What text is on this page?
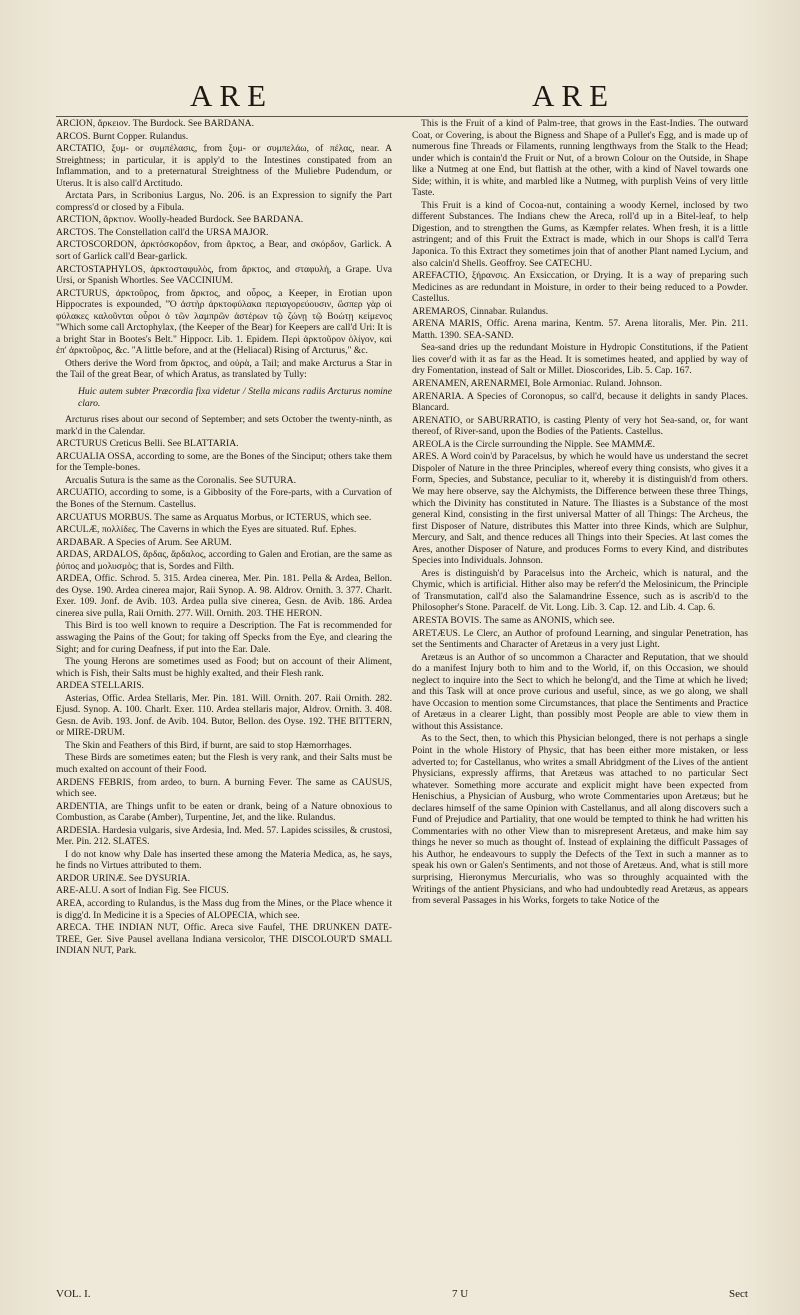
ARE	ARE

ARCION, ἄρκειον. The Burdock. See BARDANA.

ARCOS. Burnt Copper. Rulandus.

ARCTATIO, ξυμ- or συμπέλασις, from ξυμ- or συμπελάω, of πέλας, near. A Streightness; in particular, it is apply'd to the Intestines constipated from an Inflammation, and to a preternatural Streightness of the Muliebre Pudendum, or Uterus. It is also call'd Arctitudo.

Arctata Pars, in Scribonius Largus, No. 206. is an Expression to signify the Part compress'd or closed by a Fibula.

ARCTION, ἄρκτιον. Woolly-headed Burdock. See BARDANA.

ARCTOS. The Constellation call'd the URSA MAJOR.

ARCTOSCORDON, ἀρκτόσκορδον, from ἄρκτος, a Bear, and σκόρδον, Garlick. A sort of Garlick call'd Bear-garlick.

ARCTOSTAPHYLOS, ἀρκτοσταφυλὸς, from ἄρκτος, and σταφυλὴ, a Grape. Uva Ursi, or Spanish Whortles. See VACCINIUM.

ARCTURUS, ἀρκτοῦρος, from ἄρκτος, and οὖρος, a Keeper, in Erotian upon Hippocrates is expounded, "Ὁ ἀστὴρ ἀρκτοφύλακα περιαγορεύουσιν, ὥσπερ γὰρ οἱ φύλακες καλοῦνται οὗροι ὁ τῶν λαμπρῶν ἀστέρων τῷ ζώνῃ τῷ Βοώτῃ κείμενος "Which some call Arctophylax, (the Keeper of the Bear) for Keepers are call'd Uri: It is a bright Star in Bootes's Belt." Hippocr. Lib. 1. Epidem. Περὶ ἀρκτοῦρον ὀλίγον, καὶ ἐπ' ἀρκτοῦρος, &c. "A little before, and at the (Heliacal) Rising of Arcturus," &c.

Others derive the Word from ἄρκτος, and οὐρὰ, a Tail; and make Arcturus a Star in the Tail of the great Bear, of which Aratus, as translated by Tully:

Huic autem subter Præcordia fixa videtur / Stella micans radiis Arcturus nomine claro.

Arcturus rises about our second of September; and sets October the twenty-ninth, as mark'd in the Calendar.

ARCTURUS Creticus Belli. See BLATTARIA.

ARCUALIA OSSA, according to some, are the Bones of the Sinciput; others take them for the Temple-bones.

Arcualis Sutura is the same as the Coronalis. See SUTURA.

ARCUATIO, according to some, is a Gibbosity of the Fore-parts, with a Curvation of the Bones of the Sternum. Castellus.

ARCUATUS MORBUS. The same as Arquatus Morbus, or ICTERUS, which see.

ARCULÆ, πολλίδες. The Caverns in which the Eyes are situated. Ruf. Ephes.

ARDABAR. A Species of Arum. See ARUM.

ARDAS, ARDALOS, ἄρδας, ἄρδαλος, according to Galen and Erotian, are the same as ῥύπος and μολυσμὸς; that is, Sordes and Filth.

ARDEA, Offic. Schrod. 5. 315. Ardea cinerea, Mer. Pin. 181. Pella & Ardea, Bellon. des Oyse. 190. Ardea cinerea major, Raii Synop. A. 98. Aldrov. Ornith. 3. 377. Charlt. Exer. 109. Jonf. de Avib. 103. Ardea pulla sive cinerea, Gesn. de Avib. 186. Ardea cinerea sive pulla, Raii Ornith. 277. Will. Ornith. 203. THE HERON.

This Bird is too well known to require a Description. The Fat is recommended for asswaging the Pains of the Gout; for taking off Specks from the Eye, and clearing the Sight; and for curing Deafness, if put into the Ear. Dale.

The young Herons are sometimes used as Food; but on account of their Aliment, which is Fish, their Salts must be highly exalted, and their Flesh rank.

ARDEA STELLARIS.

Asterias, Offic. Ardea Stellaris, Mer. Pin. 181. Will. Ornith. 207. Raii Ornith. 282. Ejusd. Synop. A. 100. Charlt. Exer. 110. Ardea stellaris major, Aldrov. Ornith. 3. 408. Gesn. de Avib. 193. Jonf. de Avib. 104. Butor, Bellon. des Oyse. 192. THE BITTERN, or MIRE-DRUM.

The Skin and Feathers of this Bird, if burnt, are said to stop Hæmorrhages.

These Birds are sometimes eaten; but the Flesh is very rank, and their Salts must be much exalted on account of their Food.

ARDENS FEBRIS, from ardeo, to burn. A burning Fever. The same as CAUSUS, which see.

ARDENTIA, are Things unfit to be eaten or drank, being of a Nature obnoxious to Combustion, as Carabe (Amber), Turpentine, Jet, and the like. Rulandus.

ARDESIA. Hardesia vulgaris, sive Ardesia, Ind. Med. 57. Lapides scissiles, & crustosi, Mer. Pin. 212. SLATES.

I do not know why Dale has inserted these among the Materia Medica, as, he says, he finds no Virtues attributed to them.

ARDOR URINÆ. See DYSURIA.

ARE-ALU. A sort of Indian Fig. See FICUS.

AREA, according to Rulandus, is the Mass dug from the Mines, or the Place whence it is digg'd. In Medicine it is a Species of ALOPECIA, which see.

ARECA. THE INDIAN NUT, Offic. Areca sive Faufel, THE DRUNKEN DATE-TREE, Ger. Sive Pausel avellana Indiana versicolor, THE DISCOLOUR'D SMALL INDIAN NUT, Park.

This is the Fruit of a kind of Palm-tree, that grows in the East-Indies. The outward Coat, or Covering, is about the Bigness and Shape of a Pullet's Egg, and is made up of numerous fine Threads or Filaments, running lengthways from the Stalk to the Head; under which is contain'd the Fruit or Nut, of a brown Colour on the Outside, in Shape like a Nutmeg at one End, but flattish at the other, with a kind of Navel towards one Side; within, it is white, and marbled like a Nutmeg, with purplish Veins of very little Taste.

This Fruit is a kind of Cocoa-nut, containing a woody Kernel, inclosed by two different Substances. The Indians chew the Areca, roll'd up in a Bitel-leaf, to help Digestion, and to strengthen the Gums, as Kæmpfer relates. When fresh, it is a little astringent; and of this Fruit the Extract is made, which in our Shops is call'd Terra Japonica. To this Extract they sometimes join that of another Plant named Lycium, and also calcin'd Shells. Geoffroy. See CATECHU.

AREFACTIO, ξήρανσις. An Exsiccation, or Drying. It is a way of preparing such Medicines as are redundant in Moisture, in order to their being reduced to a Powder. Castellus.

AREMAROS, Cinnabar. Rulandus.

ARENA MARIS, Offic. Arena marina, Kentm. 57. Arena litoralis, Mer. Pin. 211. Matth. 1390. SEA-SAND.

Sea-sand dries up the redundant Moisture in Hydropic Constitutions, if the Patient lies cover'd with it as far as the Head. It is sometimes heated, and applied by way of dry Fomentation, instead of Salt or Millet. Dioscorides, Lib. 5. Cap. 167.

ARENAMEN, ARENARMEI, Bole Armoniac. Ruland. Johnson.

ARENARIA. A Species of Coronopus, so call'd, because it delights in sandy Places. Blancard.

ARENATIO, or SABURRATIO, is casting Plenty of very hot Sea-sand, or, for want thereof, of River-sand, upon the Bodies of the Patients. Castellus.

AREOLA is the Circle surrounding the Nipple. See MAMMÆ.

ARES. A Word coin'd by Paracelsus, by which he would have us understand the secret Dispoler of Nature in the three Principles, whereof every thing consists, who gives it a Form, Species, and Substance, peculiar to it, whereby it is distinguish'd from others. We may here observe, say the Alchymists, the Difference between these three Things, which the Divinity has constituted in Nature. The Iliastes is a Substance of the most general Kind, consisting in the first universal Matter of all Things: The Archeus, the first Disposer of Nature, distributes this Matter into three Kinds, which are Sulphur, Mercury, and Salt, and thence reduces all Things into their Species. At last comes the Ares, another Disposer of Nature, and produces Forms to every Kind, and distributes Species into Individuals. Johnson.

Ares is distinguish'd by Paracelsus into the Archeic, which is natural, and the Chymic, which is artificial. Hither also may be referr'd the Melosinicum, the Principle of Transmutation, call'd also the Salamandrine Essence, such as is ascrib'd to the Philosopher's Stone. Paracelf. de Vit. Long. Lib. 3. Cap. 12. and Lib. 4. Cap. 6.

ARESTA BOVIS. The same as ANONIS, which see.

ARETÆUS. Le Clerc, an Author of profound Learning, and singular Penetration, has set the Sentiments and Character of Aretæus in a very just Light.

Aretæus is an Author of so uncommon a Character and Reputation, that we should do a manifest Injury both to him and to the World, if, on this Occasion, we should neglect to inquire into the Sect to which he belong'd, and the Time at which he lived; and this Task will at once prove curious and useful, since, as we go along, we shall have Occasion to mention some Circumstances, that place the Sentiments and Practice of Aretæus in a clearer Light, than possibly most People are able to view them in without this Assistance.

As to the Sect, then, to which this Physician belonged, there is not perhaps a single Point in the whole History of Physic, that has been either more mistaken, or less adverted to; for Castellanus, who writes a small Abridgment of the Lives of the antient Physicians, expressly affirms, that Aretæus was attached to no particular Sect whatever. Something more accurate and explicit might have been expected from Henischius, a Physician of Ausburg, who wrote Commentaries upon Aretæus; but he declares himself of the same Opinion with Castellanus, and all along discovers such a Fund of Prejudice and Partiality, that one would be tempted to think he had written his Commentaries with no other View than to misrepresent Aretæus, and make him say things he never so much as thought of. Instead of explaining the difficult Passages of his Author, he endeavours to supply the Defects of the Text in such a manner as to speak his own or Galen's Sentiments, and not those of Aretæus. And, what is still more surprising, Hieronymus Mercurialis, who was so throughly acquainted with the Writings of the antient Physicians, and who had undoubtedly read Aretæus, as appears from several Passages in his Works, forgets to take Notice of the

VOL. I.	7 U	Sect
